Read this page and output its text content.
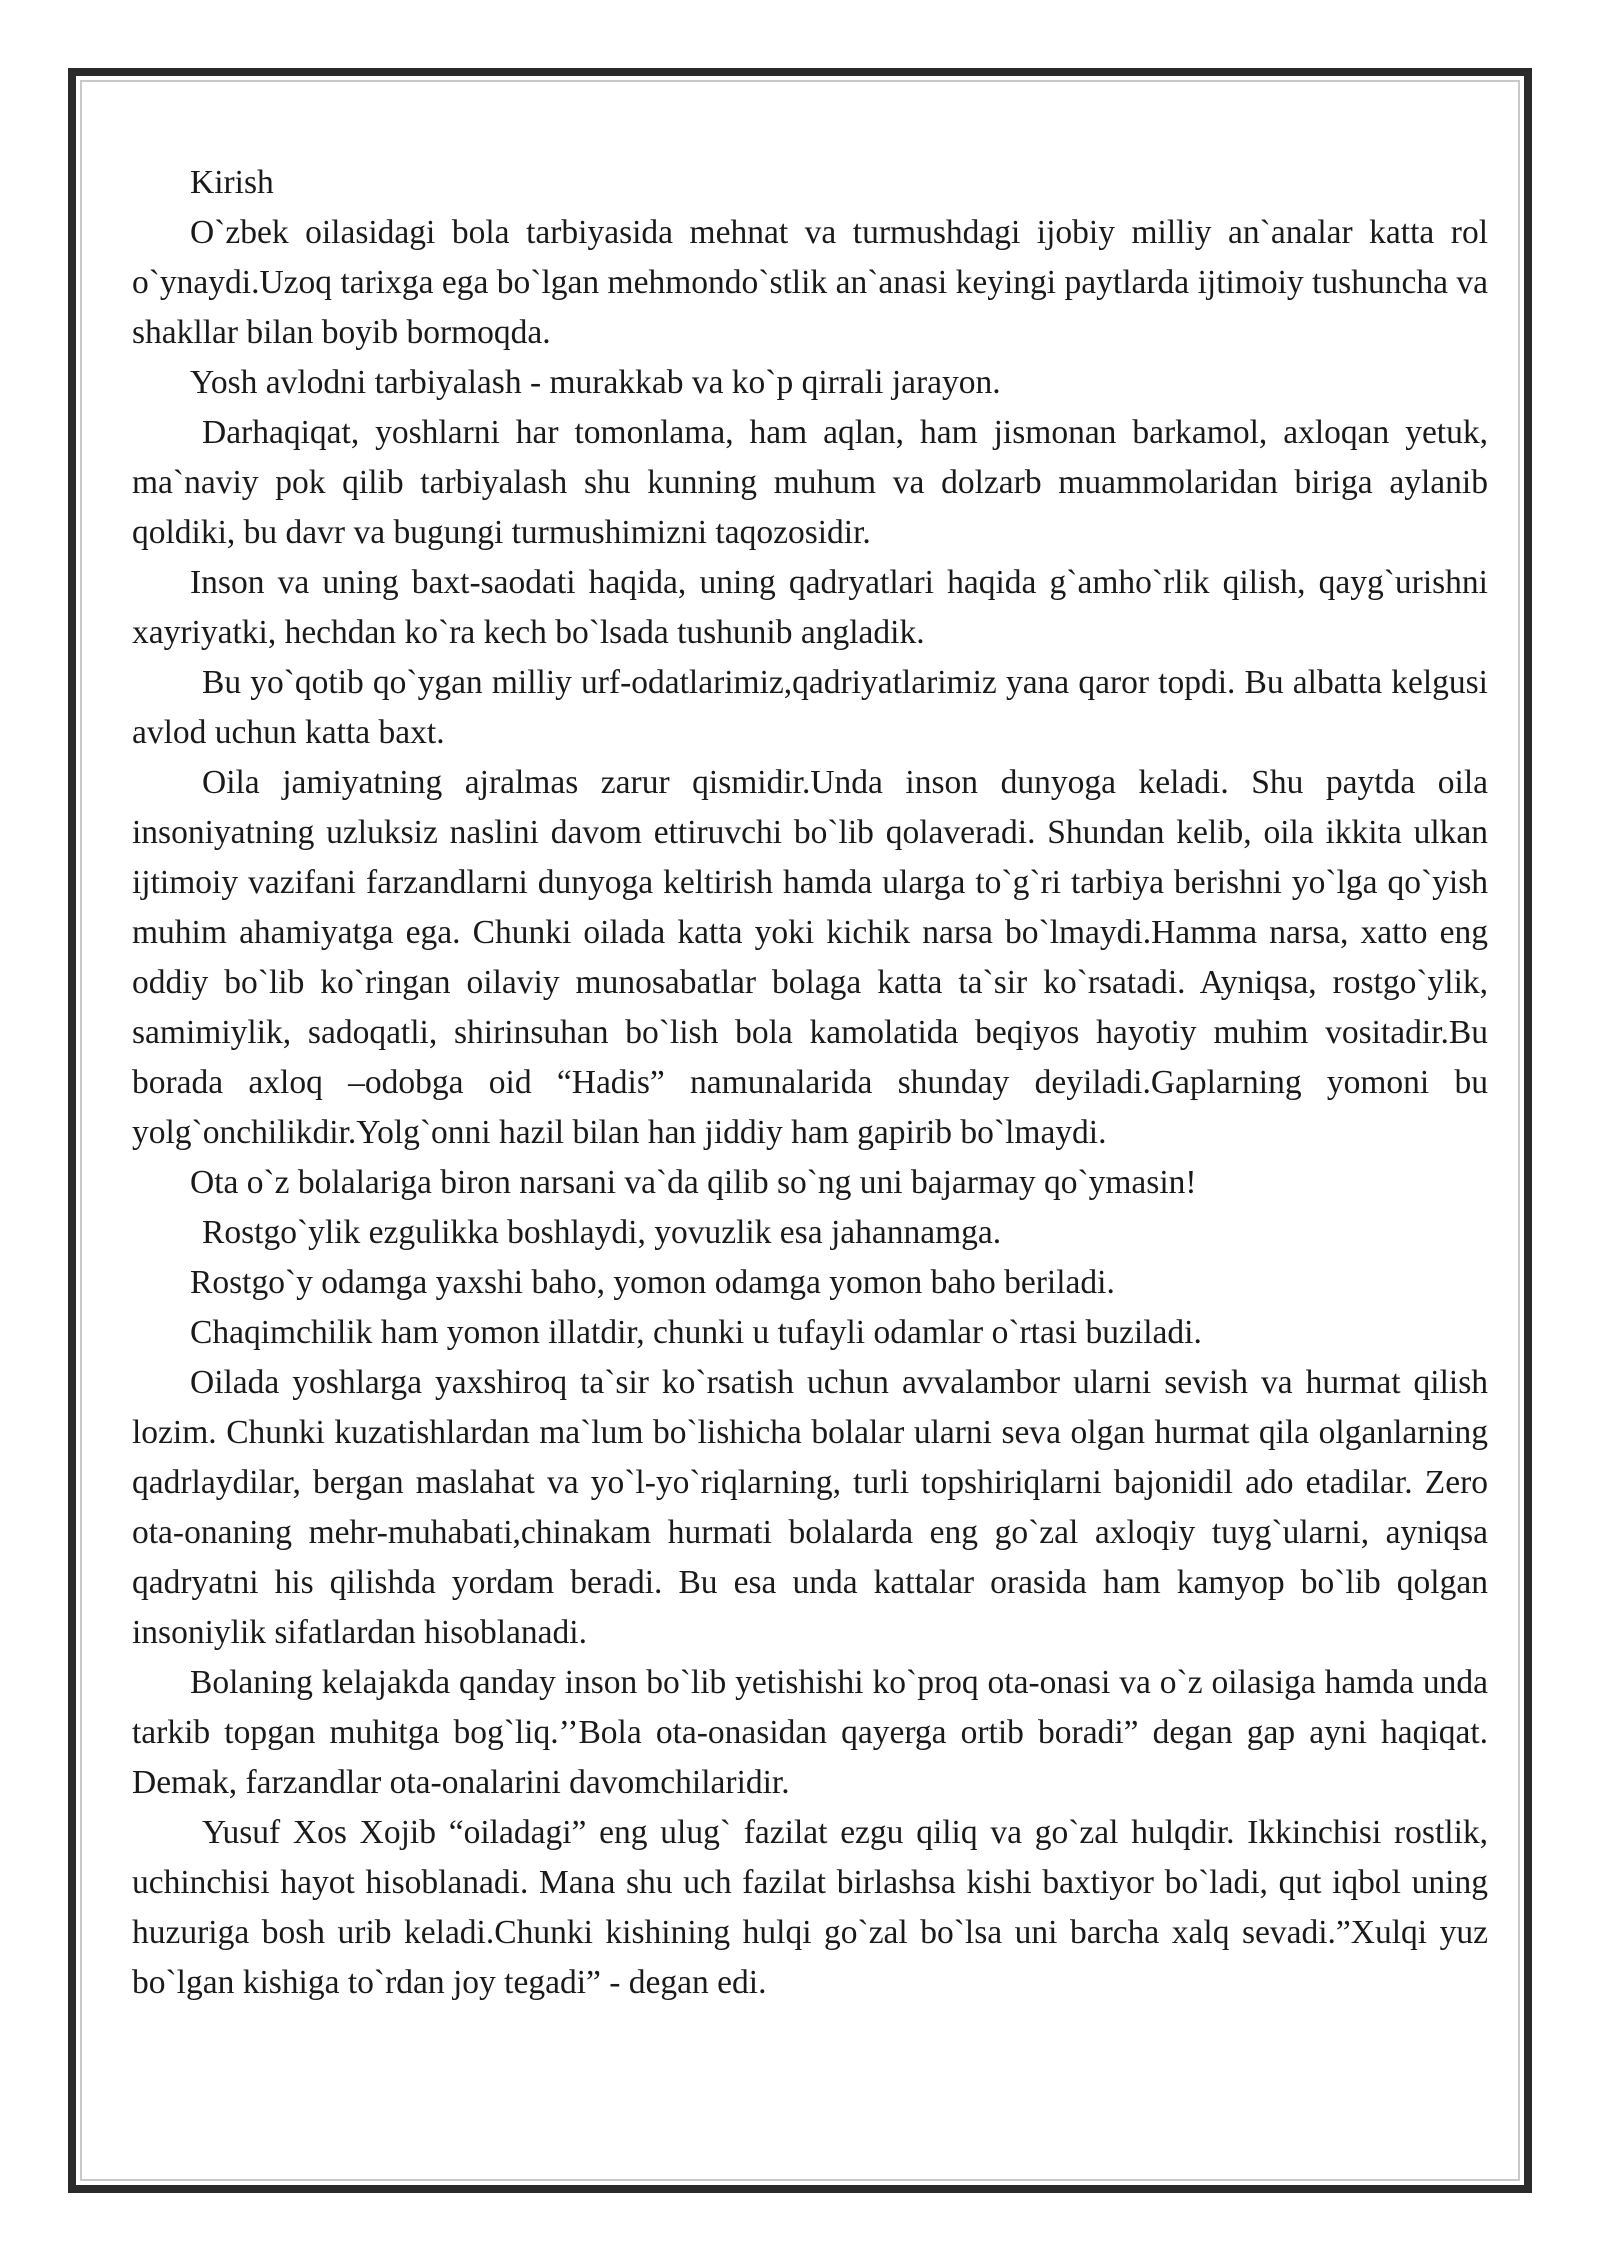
Kirish

O`zbek oilasidagi bola tarbiyasida mehnat va turmushdagi ijobiy milliy an`analar katta rol o`ynaydi.Uzoq tarixga ega bo`lgan mehmondo`stlik an`anasi keyingi paytlarda ijtimoiy tushuncha va shakllar bilan boyib bormoqda.

Yosh avlodni tarbiyalash - murakkab va ko`p qirrali jarayon.

Darhaqiqat, yoshlarni har tomonlama, ham aqlan, ham jismonan barkamol, axloqan yetuk, ma`naviy pok qilib tarbiyalash shu kunning muhum va dolzarb muammolaridan biriga aylanib qoldiki, bu davr va bugungi turmushimizni taqozosidir.

Inson va uning baxt-saodati haqida, uning qadryatlari haqida g`amho`rlik qilish, qayg`urishni xayriyatki, hechdan ko`ra kech bo`lsada tushunib angladik.

Bu yo`qotib qo`ygan milliy urf-odatlarimiz,qadriyatlarimiz yana qaror topdi. Bu albatta kelgusi avlod uchun katta baxt.

Oila jamiyatning ajralmas zarur qismidir.Unda inson dunyoga keladi. Shu paytda oila insoniyatning uzluksiz naslini davom ettiruvchi bo`lib qolaveradi. Shundan kelib, oila ikkita ulkan ijtimoiy vazifani farzandlarni dunyoga keltirish hamda ularga to`g`ri tarbiya berishni yo`lga qo`yish muhim ahamiyatga ega. Chunki oilada katta yoki kichik narsa bo`lmaydi.Hamma narsa, xatto eng oddiy bo`lib ko`ringan oilaviy munosabatlar bolaga katta ta`sir ko`rsatadi. Ayniqsa, rostgo`ylik, samimiylik, sadoqatli, shirinsuhan bo`lish bola kamolatida beqiyos hayotiy muhim vositadir.Bu borada axloq –odobga oid “Hadis” namunalarida shunday deyiladi.Gaplarning yomoni bu yolg`onchilikdir.Yolg`onni hazil bilan han jiddiy ham gapirib bo`lmaydi.

Ota o`z bolalariga biron narsani va`da qilib so`ng uni bajarmay qo`ymasin!

Rostgo`ylik ezgulikka boshlaydi, yovuzlik esa jahannamga.

Rostgo`y odamga yaxshi baho, yomon odamga yomon baho beriladi.

Chaqimchilik ham yomon illatdir, chunki u tufayli odamlar o`rtasi buziladi.

Oilada yoshlarga yaxshiroq ta`sir ko`rsatish uchun avvalambor ularni sevish va hurmat qilish lozim. Chunki kuzatishlardan ma`lum bo`lishicha bolalar ularni seva olgan hurmat qila olganlarning qadrlaydilar, bergan maslahat va yo`l-yo`riqlarning, turli topshiriqlarni bajonidil ado etadilar. Zero ota-onaning mehr-muhabati,chinakam hurmati bolalarda eng go`zal axloqiy tuyg`ularni, ayniqsa qadryatni his qilishda yordam beradi. Bu esa unda kattalar orasida ham kamyop bo`lib qolgan insoniylik sifatlardan hisoblanadi.

Bolaning kelajakda qanday inson bo`lib yetishishi ko`proq ota-onasi va o`z oilasiga hamda unda tarkib topgan muhitga bog`liq.’’Bola ota-onasidan qayerga ortib boradi” degan gap ayni haqiqat. Demak, farzandlar ota-onalarini davomchilaridir.

Yusuf Xos Xojib “oiladagi” eng ulug` fazilat ezgu qiliq va go`zal hulqdir. Ikkinchisi rostlik, uchinchisi hayot hisoblanadi. Mana shu uch fazilat birlashsa kishi baxtiyor bo`ladi, qut iqbol uning huzuriga bosh urib keladi.Chunki kishining hulqi go`zal bo`lsa uni barcha xalq sevadi.”Xulqi yuz bo`lgan kishiga to`rdan joy tegadi” - degan edi.
